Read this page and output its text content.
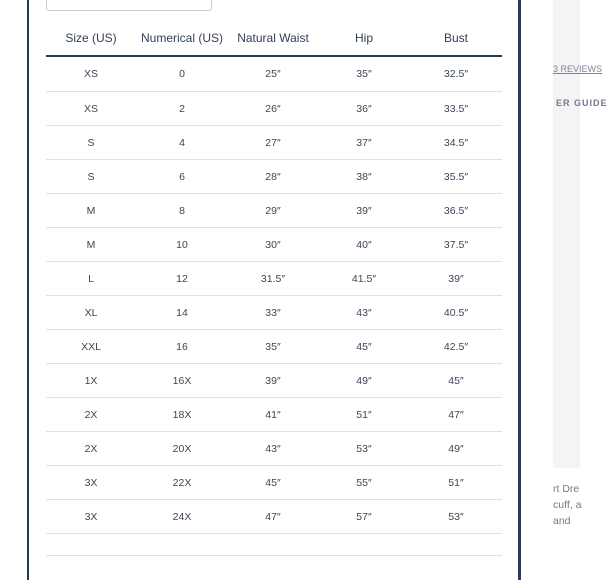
Size (US)	Numerical (US)	Natural Waist	Hip	Bust
XS	0	25″	35″	32.5″
XS	2	26″	36″	33.5″
S	4	27″	37″	34.5″
S	6	28″	38″	35.5″
M	8	29″	39″	36.5″
M	10	30″	40″	37.5″
L	12	31.5″	41.5″	39″
XL	14	33″	43″	40.5″
XXL	16	35″	45″	42.5″
1X	16X	39″	49″	45″
2X	18X	41″	51″	47″
2X	20X	43″	53″	49″
3X	22X	45″	55″	51″
3X	24X	47″	57″	53″

3 REVIEWS
ER GUIDE
rt Dre
cuff, a
and
